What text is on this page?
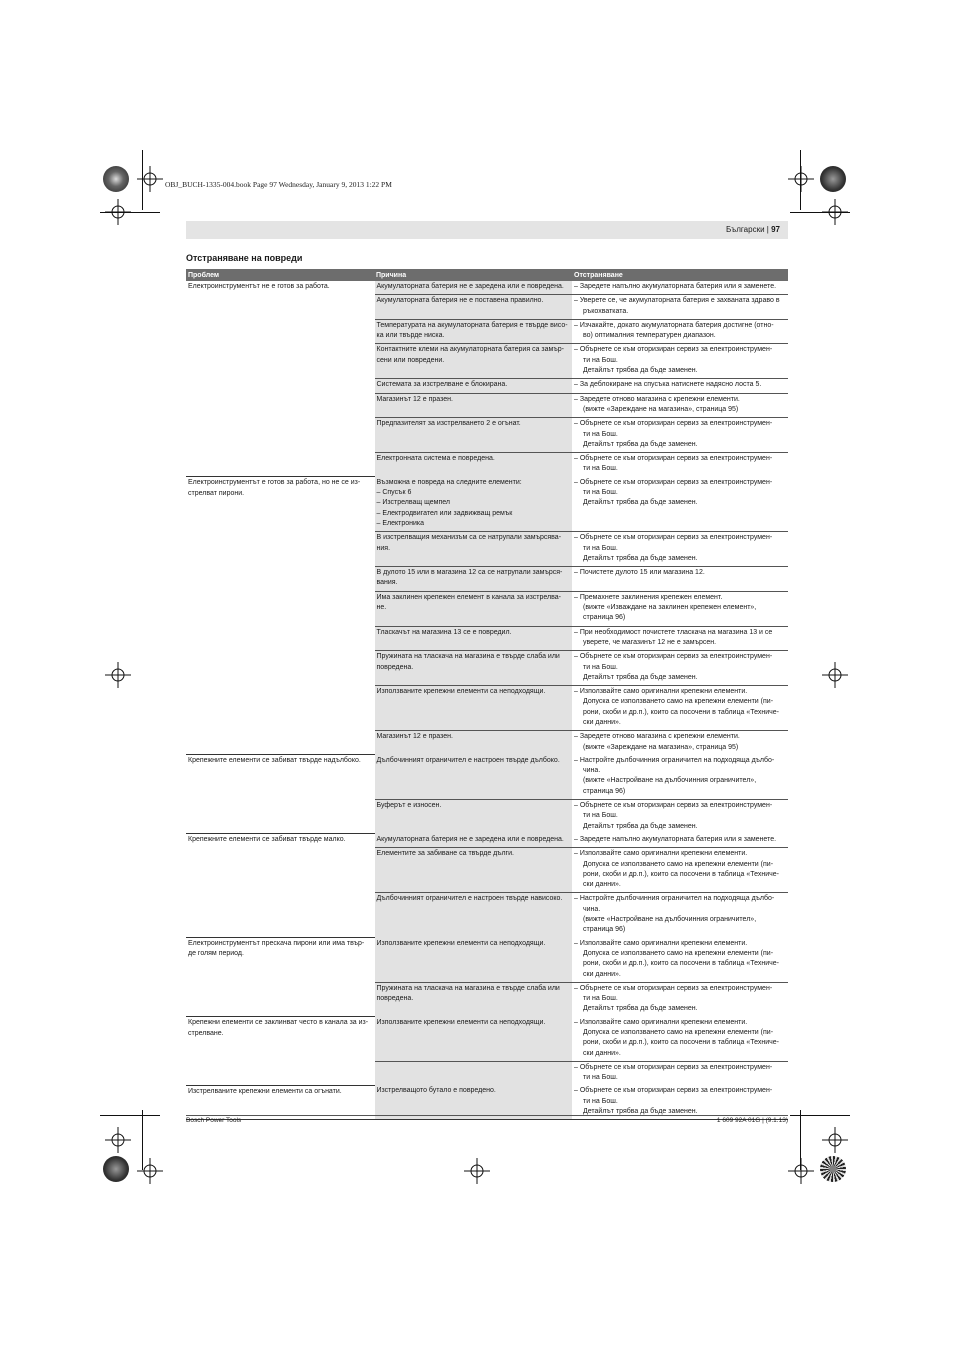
OBJ_BUCH-1335-004.book Page 97 Wednesday, January 9, 2013 1:22 PM
Български | 97
Отстраняване на повреди
Проблем	Причина	Отстраняване

Електроинструментът не е готов за работа.	Акумулаторната батерия не е заредена или е повредена.	– Заредете напълно акумулаторната батерия или я заменете.

	Акумулаторната батерия не е поставена правилно.	– Уверете се, че акумулаторната батерия е захваната здраво в
ръкохватката.

	Температурата на акумулаторната батерия е твърде висо-
ка или твърде ниска.	– Изчакайте, докато акумулаторната батерия достигне (отно-
во) оптималния температурен диапазон.

	Контактните клеми на акумулаторната батерия са замър-
сени или повредени.	– Обърнете се към оторизиран сервиз за електроинструмен-
ти на Бош.
Детайлът трябва да бъде заменен.

	Системата за изстрелване е блокирана.	– За деблокиране на спусъка натиснете надясно лоста 5.

	Магазинът 12 е празен.	– Заредете отново магазина с крепежни елементи.
(вижте «Зареждане на магазина», страница 95)

	Предпазителят за изстрелването 2 е огънат.	– Обърнете се към оторизиран сервиз за електроинструмен-
ти на Бош.
Детайлът трябва да бъде заменен.

	Електронната система е повредена.	– Обърнете се към оторизиран сервиз за електроинструмен-
ти на Бош.

Електроинструментът е готов за работа, но не се из-
стрелват пирони.	Възможна е повреда на следните елементи:
– Спусък 6
– Изстрелващ щемпел
– Електродвигател или задвижващ ремък
– Електроника	– Обърнете се към оторизиран сервиз за електроинструмен-
ти на Бош.
Детайлът трябва да бъде заменен.

	В изстрелващия механизъм са се натрупали замърсява-
ния.	– Обърнете се към оторизиран сервиз за електроинструмен-
ти на Бош.
Детайлът трябва да бъде заменен.

	В дулото 15 или в магазина 12 са се натрупали замърся-
вания.	– Почистете дулото 15 или магазина 12.

	Има заклинен крепежен елемент в канала за изстрелва-
не.	– Премахнете заклинения крепежен елемент.
(вижте «Изваждане на заклинен крепежен елемент»,
страница 96)

	Тласкачът на магазина 13 се е повредил.	– При необходимост почистете тласкача на магазина 13 и се
уверете, че магазинът 12 не е замърсен.

	Пружината на тласкача на магазина е твърде слаба или
повредена.	– Обърнете се към оторизиран сервиз за електроинструмен-
ти на Бош.
Детайлът трябва да бъде заменен.

	Използваните крепежни елементи са неподходящи.	– Използвайте само оригинални крепежни елементи.
Допуска се използването само на крепежни елементи (пи-
рони, скоби и др.п.), които са посочени в таблица «Техниче-
ски данни».

	Магазинът 12 е празен.	– Заредете отново магазина с крепежни елементи.
(вижте «Зареждане на магазина», страница 95)

Крепежните елементи се забиват твърде надълбоко.	Дълбочинният ограничител е настроен твърде дълбоко.	– Настройте дълбочинния ограничител на подходяща дълбо-
чина.
(вижте «Настройване на дълбочинния ограничител»,
страница 96)

	Буферът е износен.	– Обърнете се към оторизиран сервиз за електроинструмен-
ти на Бош.
Детайлът трябва да бъде заменен.

Крепежните елементи се забиват твърде малко.	Акумулаторната батерия не е заредена или е повредена.	– Заредете напълно акумулаторната батерия или я заменете.

	Елементите за забиване са твърде дълги.	– Използвайте само оригинални крепежни елементи.
Допуска се използването само на крепежни елементи (пи-
рони, скоби и др.п.), които са посочени в таблица «Техниче-
ски данни».

	Дълбочинният ограничител е настроен твърде нависоко.	– Настройте дълбочинния ограничител на подходяща дълбо-
чина.
(вижте «Настройване на дълбочинния ограничител»,
страница 96)

Електроинструментът прескача пирони или има твър-
де голям период.	Използваните крепежни елементи са неподходящи.	– Използвайте само оригинални крепежни елементи.
Допуска се използването само на крепежни елементи (пи-
рони, скоби и др.п.), които са посочени в таблица «Техниче-
ски данни».

	Пружината на тласкача на магазина е твърде слаба или
повредена.	– Обърнете се към оторизиран сервиз за електроинструмен-
ти на Бош.
Детайлът трябва да бъде заменен.

Крепежни елементи се заклинват често в канала за из-
стрелване.	Използваните крепежни елементи са неподходящи.	– Използвайте само оригинални крепежни елементи.
Допуска се използването само на крепежни елементи (пи-
рони, скоби и др.п.), които са посочени в таблица «Техниче-
ски данни».

		– Обърнете се към оторизиран сервиз за електроинструмен-
ти на Бош.

Изстрелваните крепежни елементи са огънати.	Изстрелващото бутало е повредено.	– Обърнете се към оторизиран сервиз за електроинструмен-
ти на Бош.
Детайлът трябва да бъде заменен.
Bosch Power Tools	1 609 92A 01G | (9.1.13)
